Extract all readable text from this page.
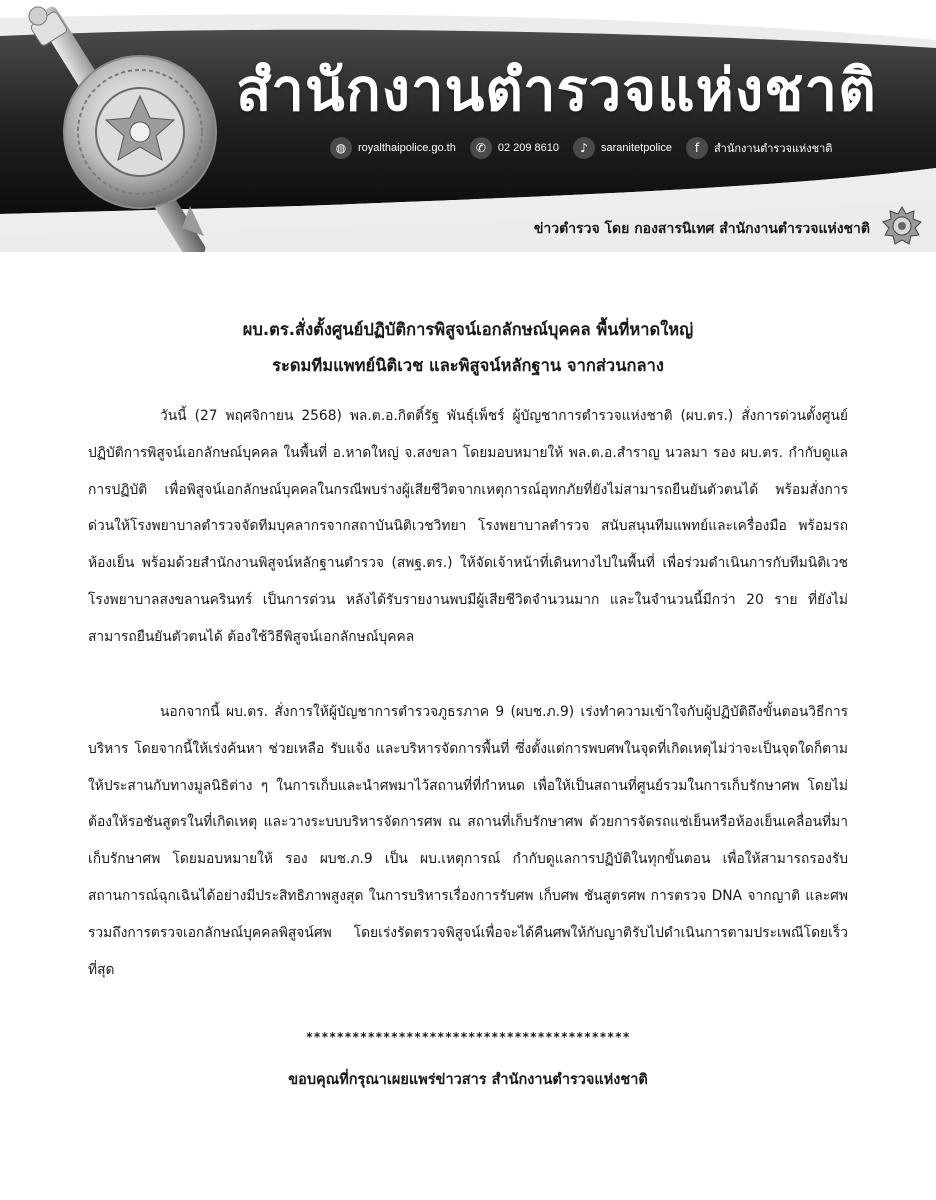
สำนักงานตำรวจแห่งชาติ
◍	royalthaipolice.go.th	✆	02 209 8610	♪	saranitetpolice	f	สำนักงานตำรวจแห่งชาติ
ข่าวตำรวจ โดย กองสารนิเทศ สำนักงานตำรวจแห่งชาติ
ผบ.ตร.สั่งตั้งศูนย์ปฏิบัติการพิสูจน์เอกลักษณ์บุคคล พื้นที่หาดใหญ่
ระดมทีมแพทย์นิติเวช และพิสูจน์หลักฐาน จากส่วนกลาง

วันนี้ (27 พฤศจิกายน 2568) พล.ต.อ.กิตติ์รัฐ พันธุ์เพ็ชร์ ผู้บัญชาการตำรวจแห่งชาติ (ผบ.ตร.) สั่งการด่วนตั้งศูนย์ปฏิบัติการพิสูจน์เอกลักษณ์บุคคล ในพื้นที่ อ.หาดใหญ่ จ.สงขลา โดยมอบหมายให้ พล.ต.อ.สำราญ นวลมา รอง ผบ.ตร. กำกับดูแลการปฏิบัติ เพื่อพิสูจน์เอกลักษณ์บุคคลในกรณีพบร่างผู้เสียชีวิตจากเหตุการณ์อุทกภัยที่ยังไม่สามารถยืนยันตัวตนได้ พร้อมสั่งการด่วนให้โรงพยาบาลตำรวจจัดทีมบุคลากรจากสถาบันนิติเวชวิทยา โรงพยาบาลตำรวจ สนับสนุนทีมแพทย์และเครื่องมือ พร้อมรถห้องเย็น พร้อมด้วยสำนักงานพิสูจน์หลักฐานตำรวจ (สพฐ.ตร.) ให้จัดเจ้าหน้าที่เดินทางไปในพื้นที่ เพื่อร่วมดำเนินการกับทีมนิติเวช โรงพยาบาลสงขลานครินทร์ เป็นการด่วน หลังได้รับรายงานพบมีผู้เสียชีวิตจำนวนมาก และในจำนวนนี้มีกว่า 20 ราย ที่ยังไม่สามารถยืนยันตัวตนได้ ต้องใช้วิธีพิสูจน์เอกลักษณ์บุคคล

นอกจากนี้ ผบ.ตร. สั่งการให้ผู้บัญชาการตำรวจภูธรภาค 9 (ผบช.ภ.9) เร่งทำความเข้าใจกับผู้ปฏิบัติถึงขั้นตอนวิธีการบริหาร โดยจากนี้ให้เร่งค้นหา ช่วยเหลือ รับแจ้ง และบริหารจัดการพื้นที่ ซึ่งตั้งแต่การพบศพในจุดที่เกิดเหตุไม่ว่าจะเป็นจุดใดก็ตาม ให้ประสานกับทางมูลนิธิต่าง ๆ ในการเก็บและนำศพมาไว้สถานที่ที่กำหนด เพื่อให้เป็นสถานที่ศูนย์รวมในการเก็บรักษาศพ โดยไม่ต้องให้รอชันสูตรในที่เกิดเหตุ และวางระบบบริหารจัดการศพ ณ สถานที่เก็บรักษาศพ ด้วยการจัดรถแช่เย็นหรือห้องเย็นเคลื่อนที่มาเก็บรักษาศพ โดยมอบหมายให้ รอง ผบช.ภ.9 เป็น ผบ.เหตุการณ์ กำกับดูแลการปฏิบัติในทุกขั้นตอน เพื่อให้สามารถรองรับสถานการณ์ฉุกเฉินได้อย่างมีประสิทธิภาพสูงสุด ในการบริหารเรื่องการรับศพ เก็บศพ ชันสูตรศพ การตรวจ DNA จากญาติ และศพ รวมถึงการตรวจเอกลักษณ์บุคคลพิสูจน์ศพ โดยเร่งรัดตรวจพิสูจน์เพื่อจะได้คืนศพให้กับญาติรับไปดำเนินการตามประเพณีโดยเร็วที่สุด

******************************************
ขอบคุณที่กรุณาเผยแพร่ข่าวสาร สำนักงานตำรวจแห่งชาติ
